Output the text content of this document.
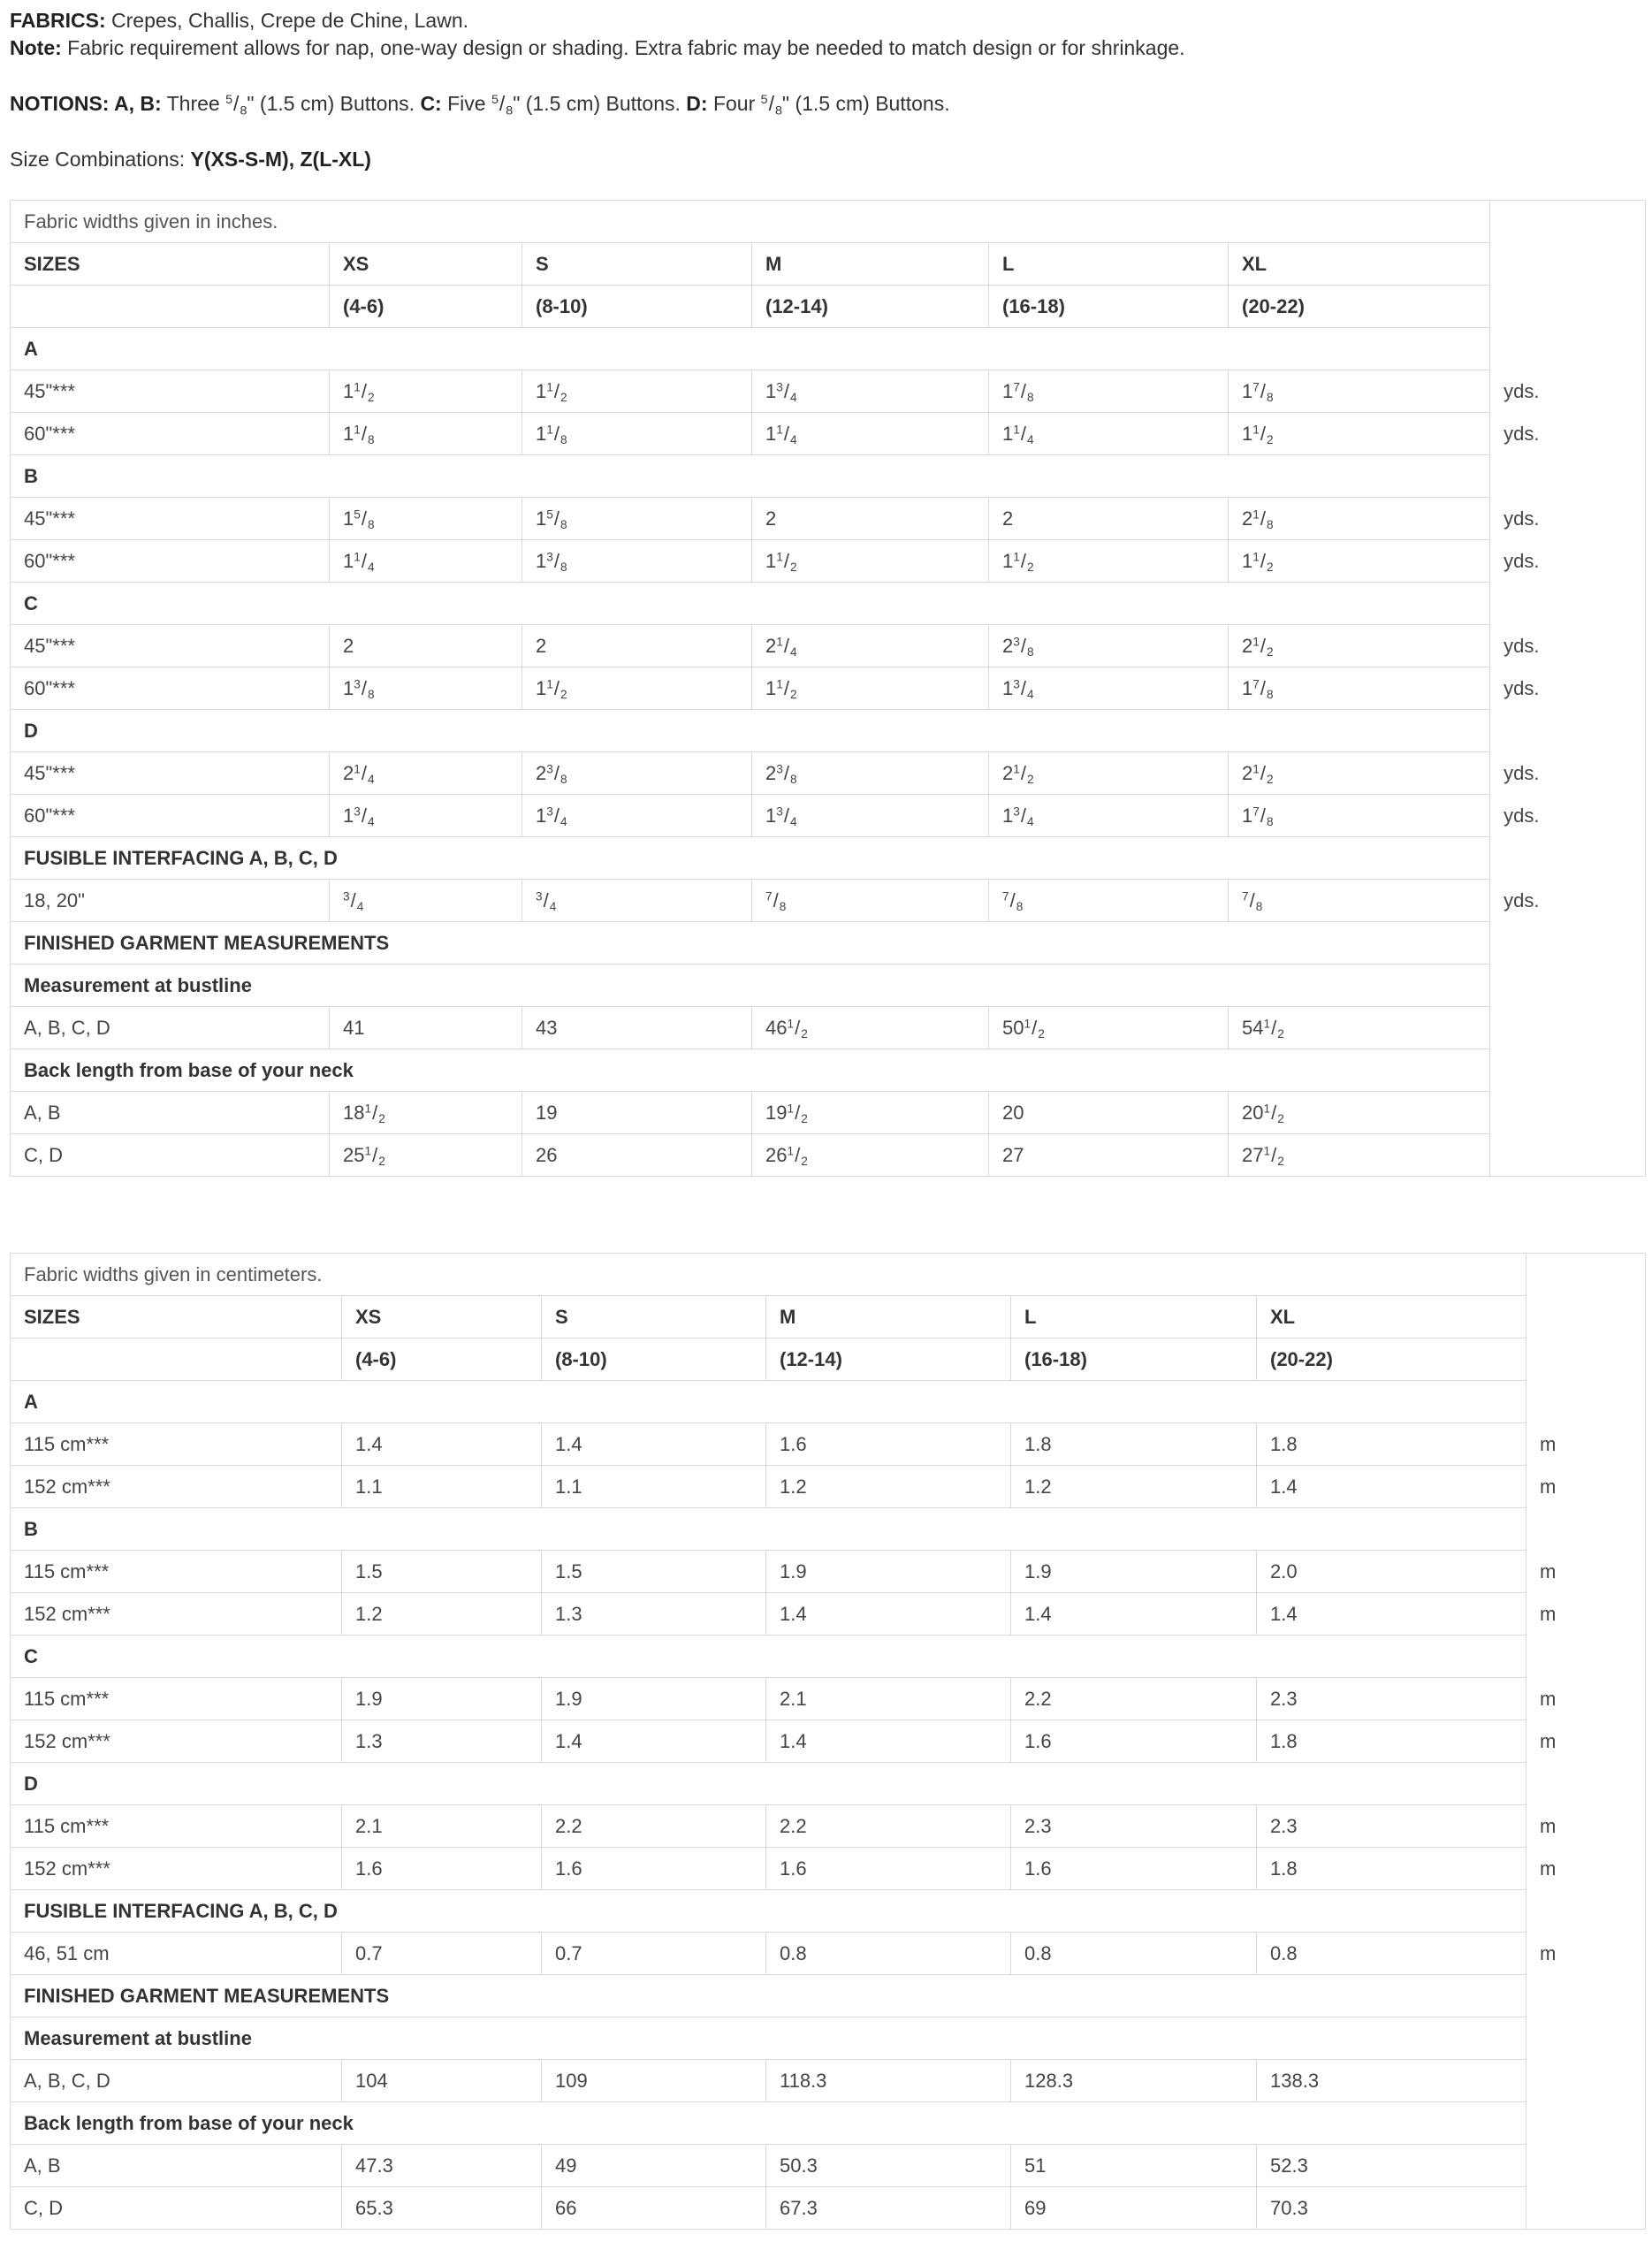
FABRICS: Crepes, Challis, Crepe de Chine, Lawn.

Note: Fabric requirement allows for nap, one-way design or shading. Extra fabric may be needed to match design or for shrinkage.

NOTIONS: A, B: Three $^5/_8$" (1.5 cm) Buttons. C: Five $^5/_8$" (1.5 cm) Buttons. D: Four $^5/_8$" (1.5 cm) Buttons.

Size Combinations: Y(XS-S-M), Z(L-XL)

Fabric widths given in inches.						
SIZES	XS	S	M	L	XL	
	(4-6)	(8-10)	(12-14)	(16-18)	(20-22)	
A						
45"***	$1^1/_2$	$1^1/_2$	$1^3/_4$	$1^7/_8$	$1^7/_8$	yds.
60"***	$1^1/_8$	$1^1/_8$	$1^1/_4$	$1^1/_4$	$1^1/_2$	yds.
B						
45"***	$1^5/_8$	$1^5/_8$	2	2	$2^1/_8$	yds.
60"***	$1^1/_4$	$1^3/_8$	$1^1/_2$	$1^1/_2$	$1^1/_2$	yds.
C						
45"***	2	2	$2^1/_4$	$2^3/_8$	$2^1/_2$	yds.
60"***	$1^3/_8$	$1^1/_2$	$1^1/_2$	$1^3/_4$	$1^7/_8$	yds.
D						
45"***	$2^1/_4$	$2^3/_8$	$2^3/_8$	$2^1/_2$	$2^1/_2$	yds.
60"***	$1^3/_4$	$1^3/_4$	$1^3/_4$	$1^3/_4$	$1^7/_8$	yds.
FUSIBLE INTERFACING A, B, C, D						
18, 20"	$^3/_4$	$^3/_4$	$^7/_8$	$^7/_8$	$^7/_8$	yds.
FINISHED GARMENT MEASUREMENTS						
Measurement at bustline						
A, B, C, D	41	43	$46^1/_2$	$50^1/_2$	$54^1/_2$	
Back length from base of your neck						
A, B	$18^1/_2$	19	$19^1/_2$	20	$20^1/_2$	
C, D	$25^1/_2$	26	$26^1/_2$	27	$27^1/_2$	
Fabric widths given in centimeters.						
SIZES	XS	S	M	L	XL	
	(4-6)	(8-10)	(12-14)	(16-18)	(20-22)	
A						
115 cm***	1.4	1.4	1.6	1.8	1.8	m
152 cm***	1.1	1.1	1.2	1.2	1.4	m
B						
115 cm***	1.5	1.5	1.9	1.9	2.0	m
152 cm***	1.2	1.3	1.4	1.4	1.4	m
C						
115 cm***	1.9	1.9	2.1	2.2	2.3	m
152 cm***	1.3	1.4	1.4	1.6	1.8	m
D						
115 cm***	2.1	2.2	2.2	2.3	2.3	m
152 cm***	1.6	1.6	1.6	1.6	1.8	m
FUSIBLE INTERFACING A, B, C, D						
46, 51 cm	0.7	0.7	0.8	0.8	0.8	m
FINISHED GARMENT MEASUREMENTS						
Measurement at bustline						
A, B, C, D	104	109	118.3	128.3	138.3	
Back length from base of your neck						
A, B	47.3	49	50.3	51	52.3	
C, D	65.3	66	67.3	69	70.3	
